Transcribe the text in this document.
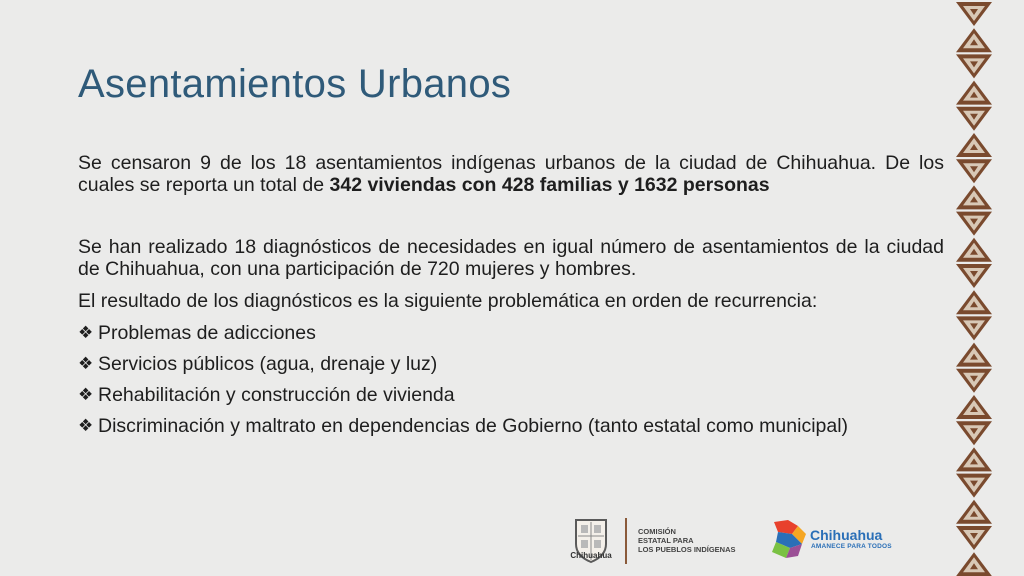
Asentamientos Urbanos

Se censaron 9 de los 18 asentamientos indígenas urbanos de la ciudad de Chihuahua. De los cuales se reporta un total de 342 viviendas con 428 familias y 1632 personas

Se han realizado 18 diagnósticos de necesidades en igual número de asentamientos de la ciudad de Chihuahua, con una participación de 720 mujeres y hombres.

El resultado de los diagnósticos es la siguiente problemática en orden de recurrencia:

❖ Problemas de adicciones
❖ Servicios públicos (agua, drenaje y luz)
❖ Rehabilitación y construcción de vivienda
❖ Discriminación y maltrato en dependencias de Gobierno (tanto estatal como municipal)
Chihuahua
COMISIÓN
ESTATAL PARA
LOS PUEBLOS INDÍGENAS
Chihuahua
AMANECE PARA TODOS
